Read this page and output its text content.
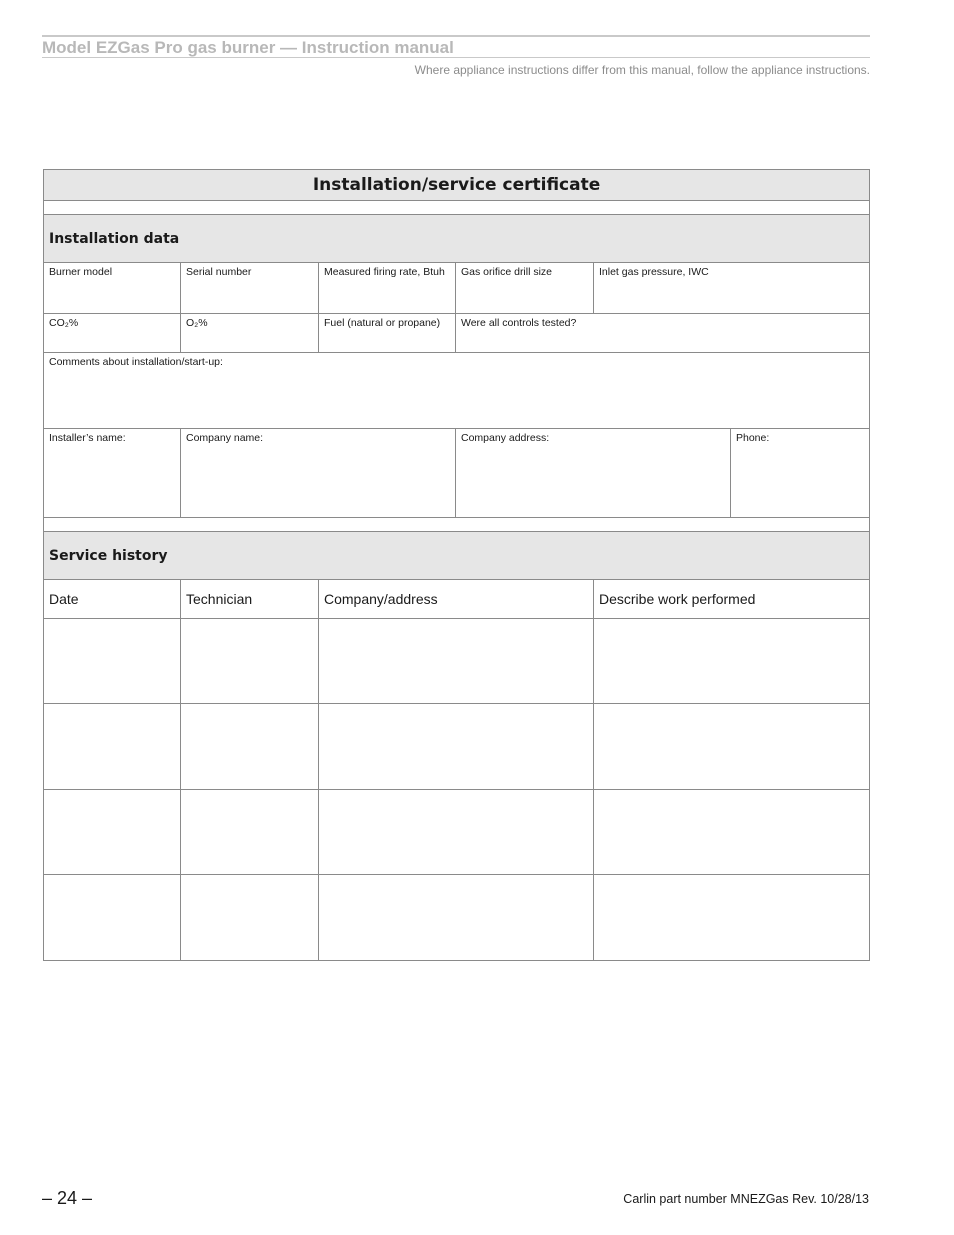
Model EZGas Pro gas burner — Instruction manual
Where appliance instructions differ from this manual, follow the appliance instructions.
Installation/service certificate					

Installation data					
Burner model	Serial number	Measured firing rate, Btuh	Gas orifice drill size	Inlet gas pressure, IWC	
CO₂%	O₂%	Fuel (natural or propane)	Were all controls tested?		
Comments about installation/start-up:					
Installer’s name:	Company name:		Company address:		Phone:

Service history					
Date	Technician	Company/address		Describe work performed	

– 24 –	Carlin part number MNEZGas Rev. 10/28/13
